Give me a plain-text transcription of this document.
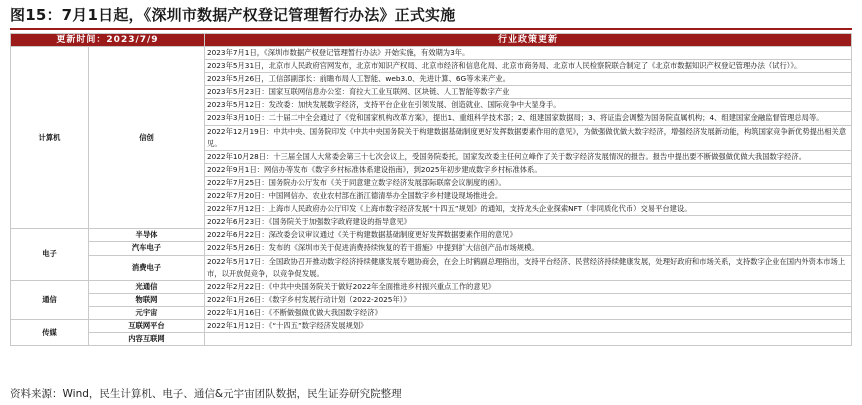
图15：7月1日起，《深圳市数据产权登记管理暂行办法》正式实施
更新时间：2023/7/9		行业政策更新
计算机	信创	2023年7月1日，《深圳市数据产权登记管理暂行办法》开始实施，有效期为3年。
		2023年5月31日，北京市人民政府官网发布，北京市知识产权局、北京市经济和信息化局、北京市商务局、北京市人民检察院联合制定了《北京市数据知识产权登记管理办法（试行）》。
		2023年5月26日，工信部副部长：前瞻布局人工智能、web3.0、先进计算、6G等未来产业。
		2023年5月23日：国家互联网信息办公室：育拉大工业互联网、区块链、人工智能等数字产业
		2023年5月12日：发改委：加快发展数字经济，支持平台企业在引领发展、创造就业、国际竞争中大显身手。
		2023年3月10日：二十届二中全会通过了《党和国家机构改革方案》，提出1、重组科学技术部；2、组建国家数据局；3、将证监会调整为国务院直属机构；4、组建国家金融监督管理总局等。
		2022年12月19日：中共中央、国务院印发《中共中央国务院关于构建数据基础制度更好发挥数据要素作用的意见》，为做强做优做大数字经济，增强经济发展新动能，构筑国家竞争新优势提出相关意见。
		2022年10月28日：十三届全国人大常委会第三十七次会议上，受国务院委托，国家发改委主任何立峰作了关于数字经济发展情况的报告。报告中提出要不断做强做优做大我国数字经济。
		2022年9月1日：网信办等发布《数字乡村标准体系建设指南》，到2025年初步建成数字乡村标准体系。
		2022年7月25日：国务院办公厅发布《关于同意建立数字经济发展部际联席会议制度的函》。
		2022年7月20日：中国网信办、农业农村部在浙江德清举办全国数字乡村建设现场推进会。
		2022年7月12日：上海市人民政府办公厅印发《上海市数字经济发展“十四五”规划》的通知，支持龙头企业探索NFT（非同质化代币）交易平台建设。
		2022年6月23日：《国务院关于加强数字政府建设的指导意见》
电子	半导体	2022年6月22日：深改委会议审议通过《关于构建数据基础制度更好发挥数据要素作用的意见》
	汽车电子	2022年5月26日：发布的《深圳市关于促进消费持续恢复的若干措施》中提到扩大信创产品市场规模。
	消费电子	2022年5月17日：全国政协召开推动数字经济持续健康发展专题协商会，在会上时鹤副总理指出，支持平台经济、民营经济持续健康发展，处理好政府和市场关系，支持数字企业在国内外资本市场上市，以开放促竞争，以竞争促发展。
通信	光通信	2022年2月22日：《中共中央国务院关于做好2022年全面推进乡村振兴重点工作的意见》
	物联网	2022年1月26日：《数字乡村发展行动计划（2022-2025年）》
	元宇宙	2022年1月16日：《不断做强做优做大我国数字经济》
传媒	互联网平台	2022年1月12日：《“十四五”数字经济发展规划》
	内容互联网	
资料来源：Wind，民生计算机、电子、通信&元宇宙团队数据，民生证券研究院整理
